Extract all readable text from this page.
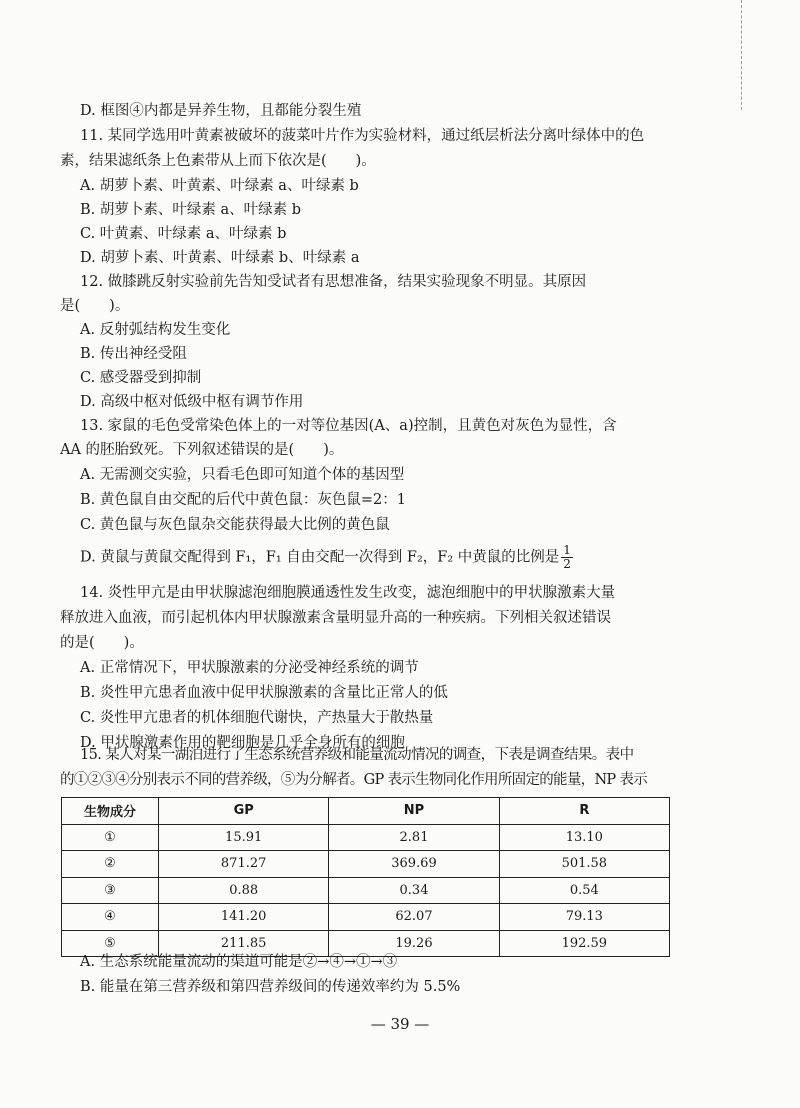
D. 框图④内都是异养生物，且都能分裂生殖
11. 某同学选用叶黄素被破坏的菠菜叶片作为实验材料，通过纸层析法分离叶绿体中的色
素，结果滤纸条上色素带从上而下依次是(　　)。
A. 胡萝卜素、叶黄素、叶绿素 a、叶绿素 b
B. 胡萝卜素、叶绿素 a、叶绿素 b
C. 叶黄素、叶绿素 a、叶绿素 b
D. 胡萝卜素、叶黄素、叶绿素 b、叶绿素 a
12. 做膝跳反射实验前先告知受试者有思想准备，结果实验现象不明显。其原因
是(　　)。
A. 反射弧结构发生变化
B. 传出神经受阻
C. 感受器受到抑制
D. 高级中枢对低级中枢有调节作用
13. 家鼠的毛色受常染色体上的一对等位基因(A、a)控制，且黄色对灰色为显性，含
AA 的胚胎致死。下列叙述错误的是(　　)。
A. 无需测交实验，只看毛色即可知道个体的基因型
B. 黄色鼠自由交配的后代中黄色鼠：灰色鼠=2：1
C. 黄色鼠与灰色鼠杂交能获得最大比例的黄色鼠
D. 黄鼠与黄鼠交配得到 F₁，F₁ 自由交配一次得到 F₂，F₂ 中黄鼠的比例是 $\frac{1}{2}$
14. 炎性甲亢是由甲状腺滤泡细胞膜通透性发生改变，滤泡细胞中的甲状腺激素大量
释放进入血液，而引起机体内甲状腺激素含量明显升高的一种疾病。下列相关叙述错误
的是(　　)。
A. 正常情况下，甲状腺激素的分泌受神经系统的调节
B. 炎性甲亢患者血液中促甲状腺激素的含量比正常人的低
C. 炎性甲亢患者的机体细胞代谢快，产热量大于散热量
D. 甲状腺激素作用的靶细胞是几乎全身所有的细胞
15. 某人对某一湖泊进行了生态系统营养级和能量流动情况的调查，下表是调查结果。表中
的①②③④分别表示不同的营养级，⑤为分解者。GP 表示生物同化作用所固定的能量，NP 表示
生物成分	GP	NP	R
①	15.91	2.81	13.10
②	871.27	369.69	501.58
③	0.88	0.34	0.54
④	141.20	62.07	79.13
⑤	211.85	19.26	192.59
A. 生态系统能量流动的渠道可能是②→④→①→③
B. 能量在第三营养级和第四营养级间的传递效率约为 5.5%
— 39 —
